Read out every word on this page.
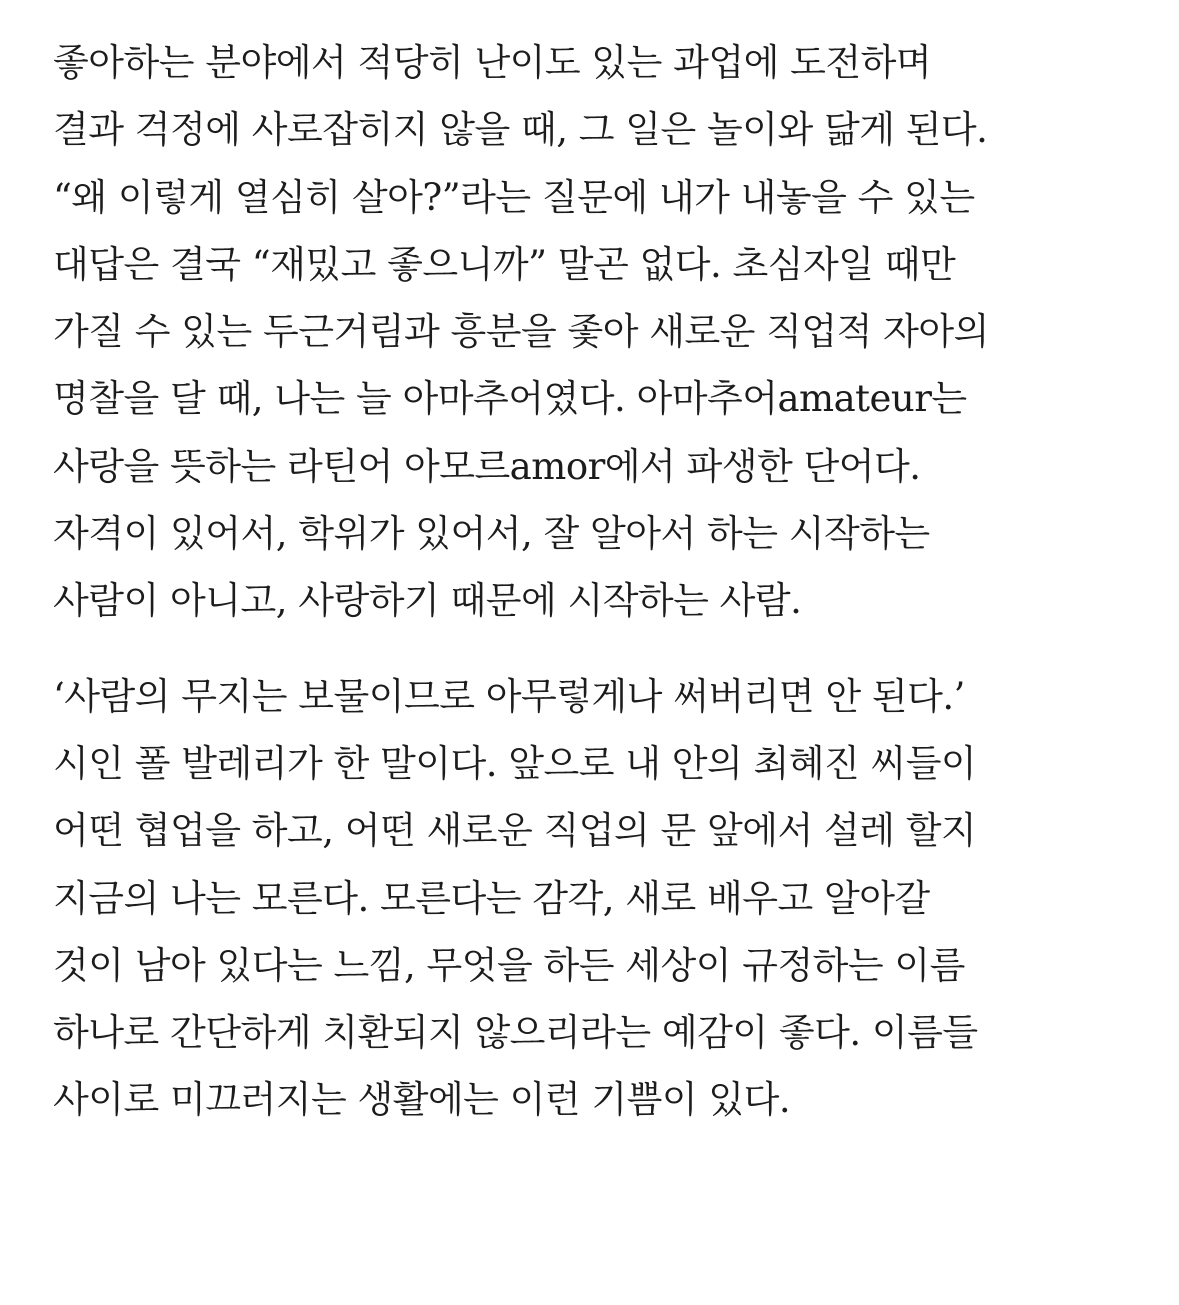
좋아하는 분야에서 적당히 난이도 있는 과업에 도전하며
결과 걱정에 사로잡히지 않을 때, 그 일은 놀이와 닮게 된다.
“왜 이렇게 열심히 살아?”라는 질문에 내가 내놓을 수 있는
대답은 결국 “재밌고 좋으니까” 말곤 없다. 초심자일 때만
가질 수 있는 두근거림과 흥분을 좇아 새로운 직업적 자아의
명찰을 달 때, 나는 늘 아마추어였다. 아마추어amateur는
사랑을 뜻하는 라틴어 아모르amor에서 파생한 단어다.
자격이 있어서, 학위가 있어서, 잘 알아서 하는 시작하는
사람이 아니고, 사랑하기 때문에 시작하는 사람.

‘사람의 무지는 보물이므로 아무렇게나 써버리면 안 된다.’
시인 폴 발레리가 한 말이다. 앞으로 내 안의 최혜진 씨들이
어떤 협업을 하고, 어떤 새로운 직업의 문 앞에서 설레 할지
지금의 나는 모른다. 모른다는 감각, 새로 배우고 알아갈
것이 남아 있다는 느낌, 무엇을 하든 세상이 규정하는 이름
하나로 간단하게 치환되지 않으리라는 예감이 좋다. 이름들
사이로 미끄러지는 생활에는 이런 기쁨이 있다.
